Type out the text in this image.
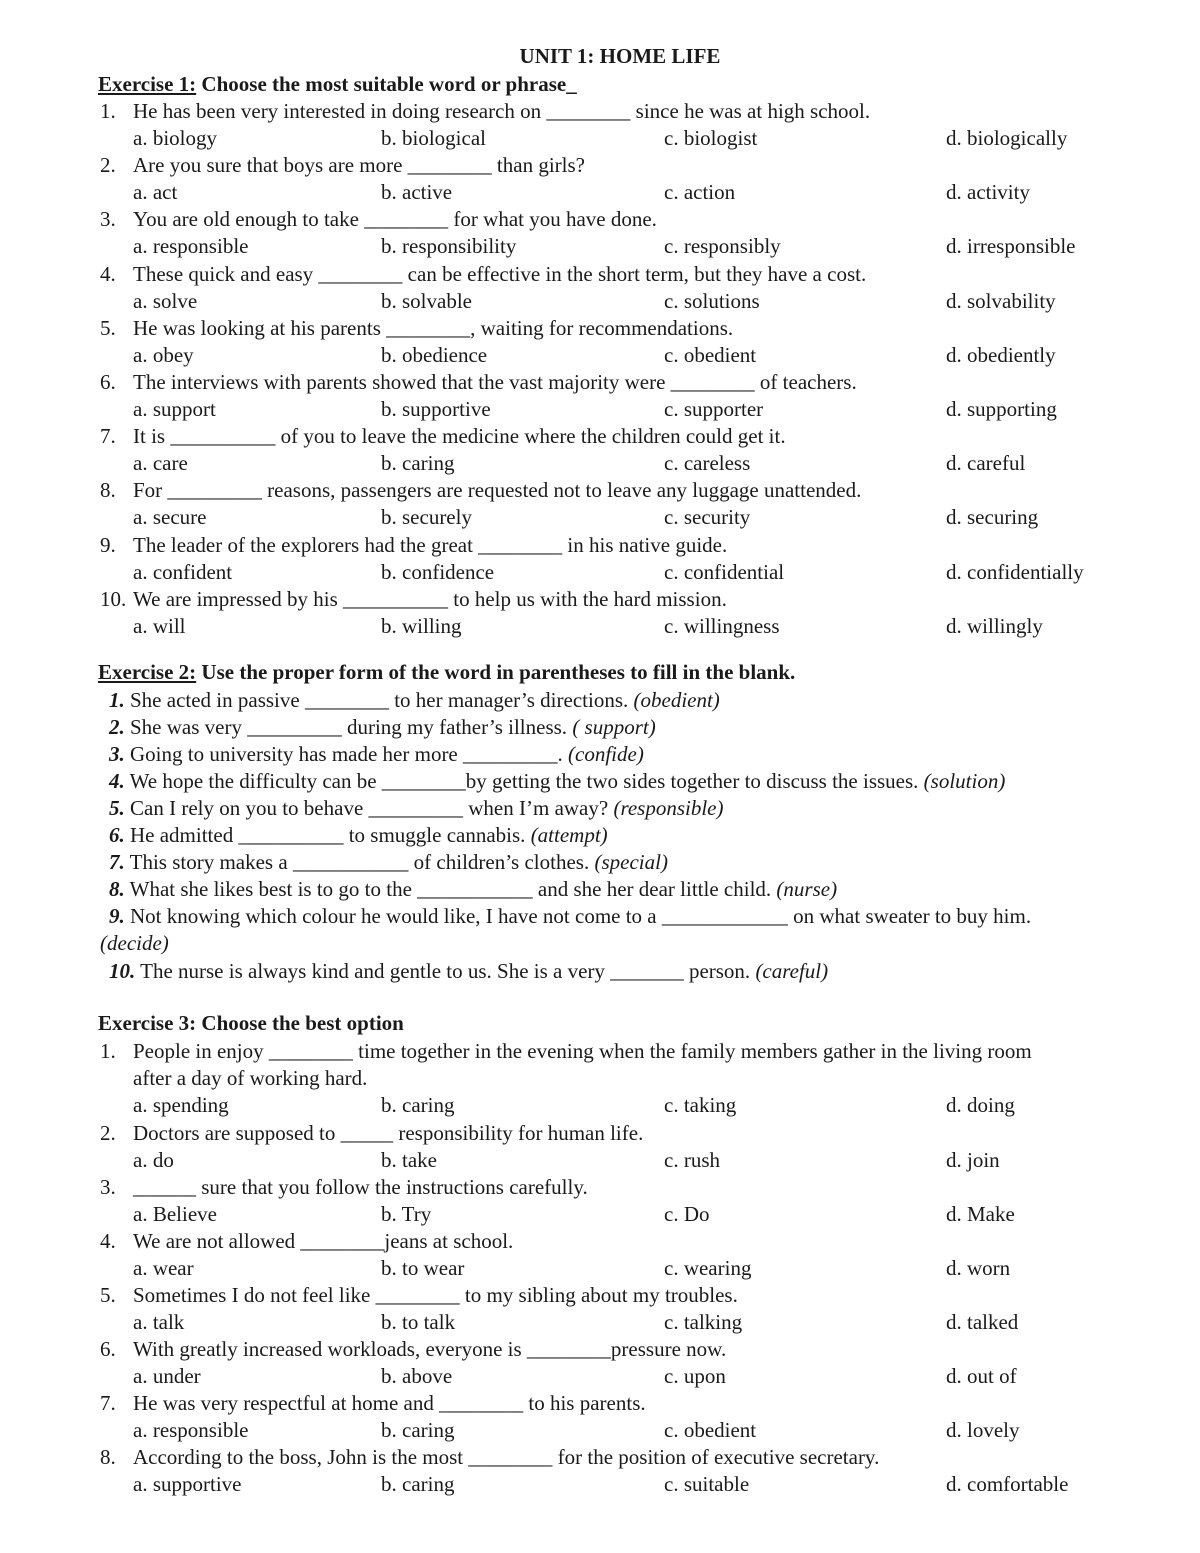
UNIT 1: HOME LIFE
Exercise 1: Choose the most suitable word or phrase_
1. He has been very interested in doing research on ________ since he was at high school.
a. biology	b. biological	c. biologist	d. biologically
2. Are you sure that boys are more ________ than girls?
a. act	b. active	c. action	d. activity
3. You are old enough to take ________ for what you have done.
a. responsible	b. responsibility	c. responsibly	d. irresponsible
4. These quick and easy ________ can be effective in the short term, but they have a cost.
a. solve	b. solvable	c. solutions	d. solvability
5. He was looking at his parents ________, waiting for recommendations.
a. obey	b. obedience	c. obedient	d. obediently
6. The interviews with parents showed that the vast majority were ________ of teachers.
a. support	b. supportive	c. supporter	d. supporting
7. It is __________ of you to leave the medicine where the children could get it.
a. care	b. caring	c. careless	d. careful
8. For _________ reasons, passengers are requested not to leave any luggage unattended.
a. secure	b. securely	c. security	d. securing
9. The leader of the explorers had the great ________ in his native guide.
a. confident	b. confidence	c. confidential	d. confidentially
10. We are impressed by his __________ to help us with the hard mission.
a. will	b. willing	c. willingness	d. willingly
Exercise 2: Use the proper form of the word in parentheses to fill in the blank.
1. She acted in passive ________ to her manager’s directions. (obedient)
2. She was very _________ during my father’s illness. ( support)
3. Going to university has made her more _________. (confide)
4. We hope the difficulty can be ________by getting the two sides together to discuss the issues. (solution)
5. Can I rely on you to behave _________ when I’m away? (responsible)
6. He admitted __________ to smuggle cannabis. (attempt)
7. This story makes a ___________ of children’s clothes. (special)
8. What she likes best is to go to the ___________ and she her dear little child. (nurse)
9. Not knowing which colour he would like, I have not come to a ____________ on what sweater to buy him.
(decide)
10. The nurse is always kind and gentle to us. She is a very _______ person. (careful)
Exercise 3: Choose the best option
1. People in enjoy ________ time together in the evening when the family members gather in the living room
after a day of working hard.
a. spending	b. caring	c. taking	d. doing
2. Doctors are supposed to _____ responsibility for human life.
a. do	b. take	c. rush	d. join
3. ______ sure that you follow the instructions carefully.
a. Believe	b. Try	c. Do	d. Make
4. We are not allowed ________jeans at school.
a. wear	b. to wear	c. wearing	d. worn
5. Sometimes I do not feel like ________ to my sibling about my troubles.
a. talk	b. to talk	c. talking	d. talked
6. With greatly increased workloads, everyone is ________pressure now.
a. under	b. above	c. upon	d. out of
7. He was very respectful at home and ________ to his parents.
a. responsible	b. caring	c. obedient	d. lovely
8. According to the boss, John is the most ________ for the position of executive secretary.
a. supportive	b. caring	c. suitable	d. comfortable
